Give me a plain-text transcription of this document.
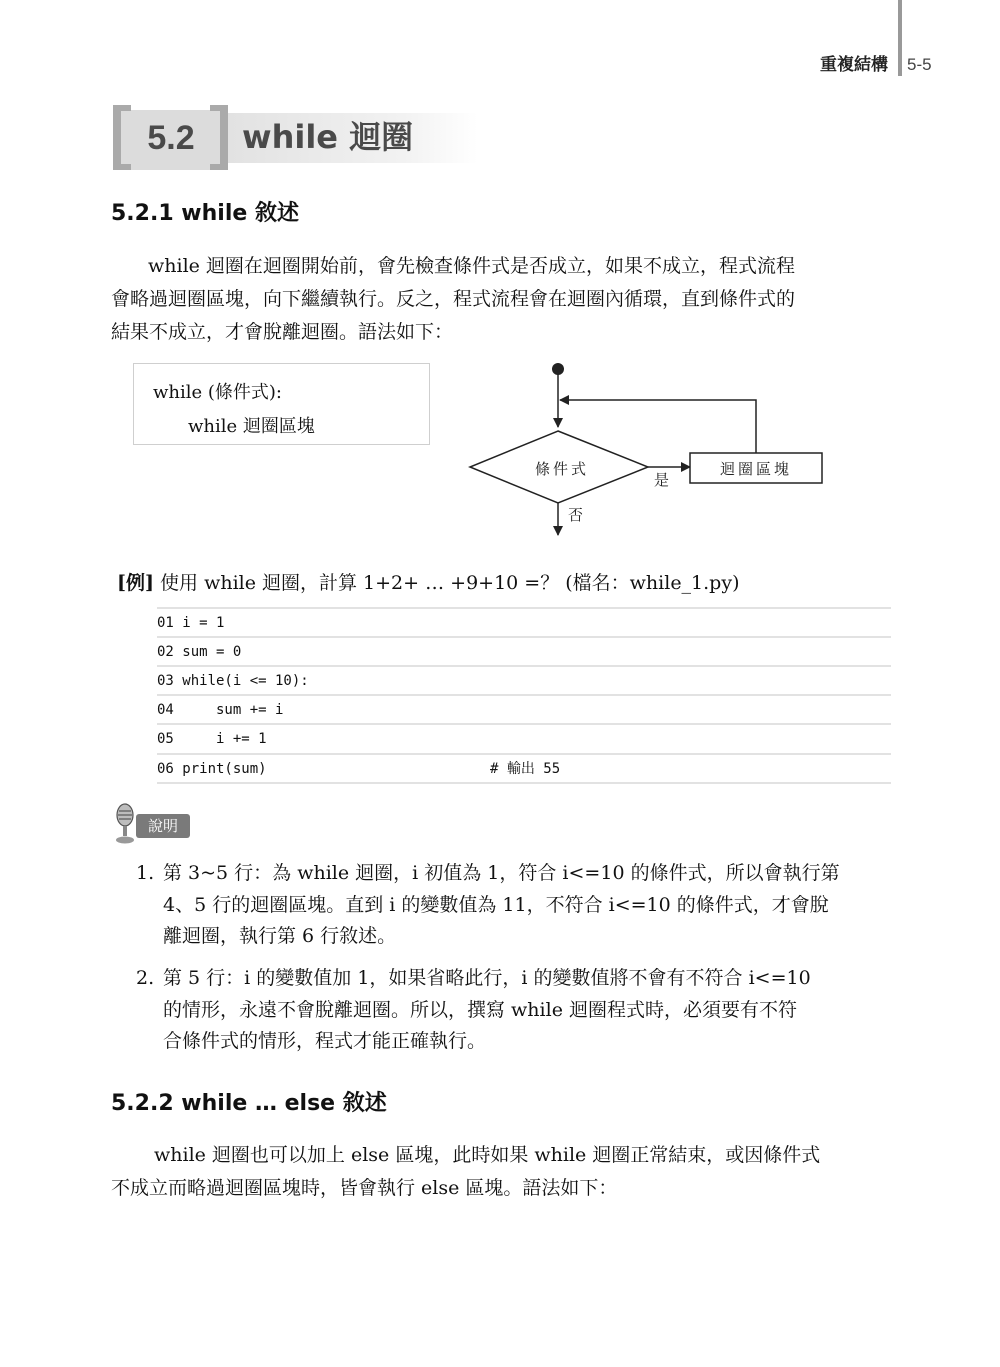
重複結構 5-5
5.2	while 迴圈
5.2.1 while 敘述
while 迴圈在迴圈開始前，會先檢查條件式是否成立，如果不成立，程式流程
會略過迴圈區塊，向下繼續執行。反之，程式流程會在迴圈內循環，直到條件式的
結果不成立，才會脫離迴圈。語法如下：
while (條件式):
while 迴圈區塊
條件式	迴圈區塊
是
否
[例] 使用 while 迴圈，計算 1+2+ … +9+10 =？ (檔名：while_1.py)
01 i = 1
02 sum = 0
03 while(i <= 10):
04     sum += i
05     i += 1
06 print(sum)	# 輸出 55
說明
1. 第 3~5 行：為 while 迴圈，i 初值為 1，符合 i<=10 的條件式，所以會執行第
4、5 行的迴圈區塊。直到 i 的變數值為 11，不符合 i<=10 的條件式，才會脫
離迴圈，執行第 6 行敘述。
2. 第 5 行：i 的變數值加 1，如果省略此行，i 的變數值將不會有不符合 i<=10
的情形，永遠不會脫離迴圈。所以，撰寫 while 迴圈程式時，必須要有不符
合條件式的情形，程式才能正確執行。
5.2.2 while … else 敘述
while 迴圈也可以加上 else 區塊，此時如果 while 迴圈正常結束，或因條件式
不成立而略過迴圈區塊時，皆會執行 else 區塊。語法如下：
